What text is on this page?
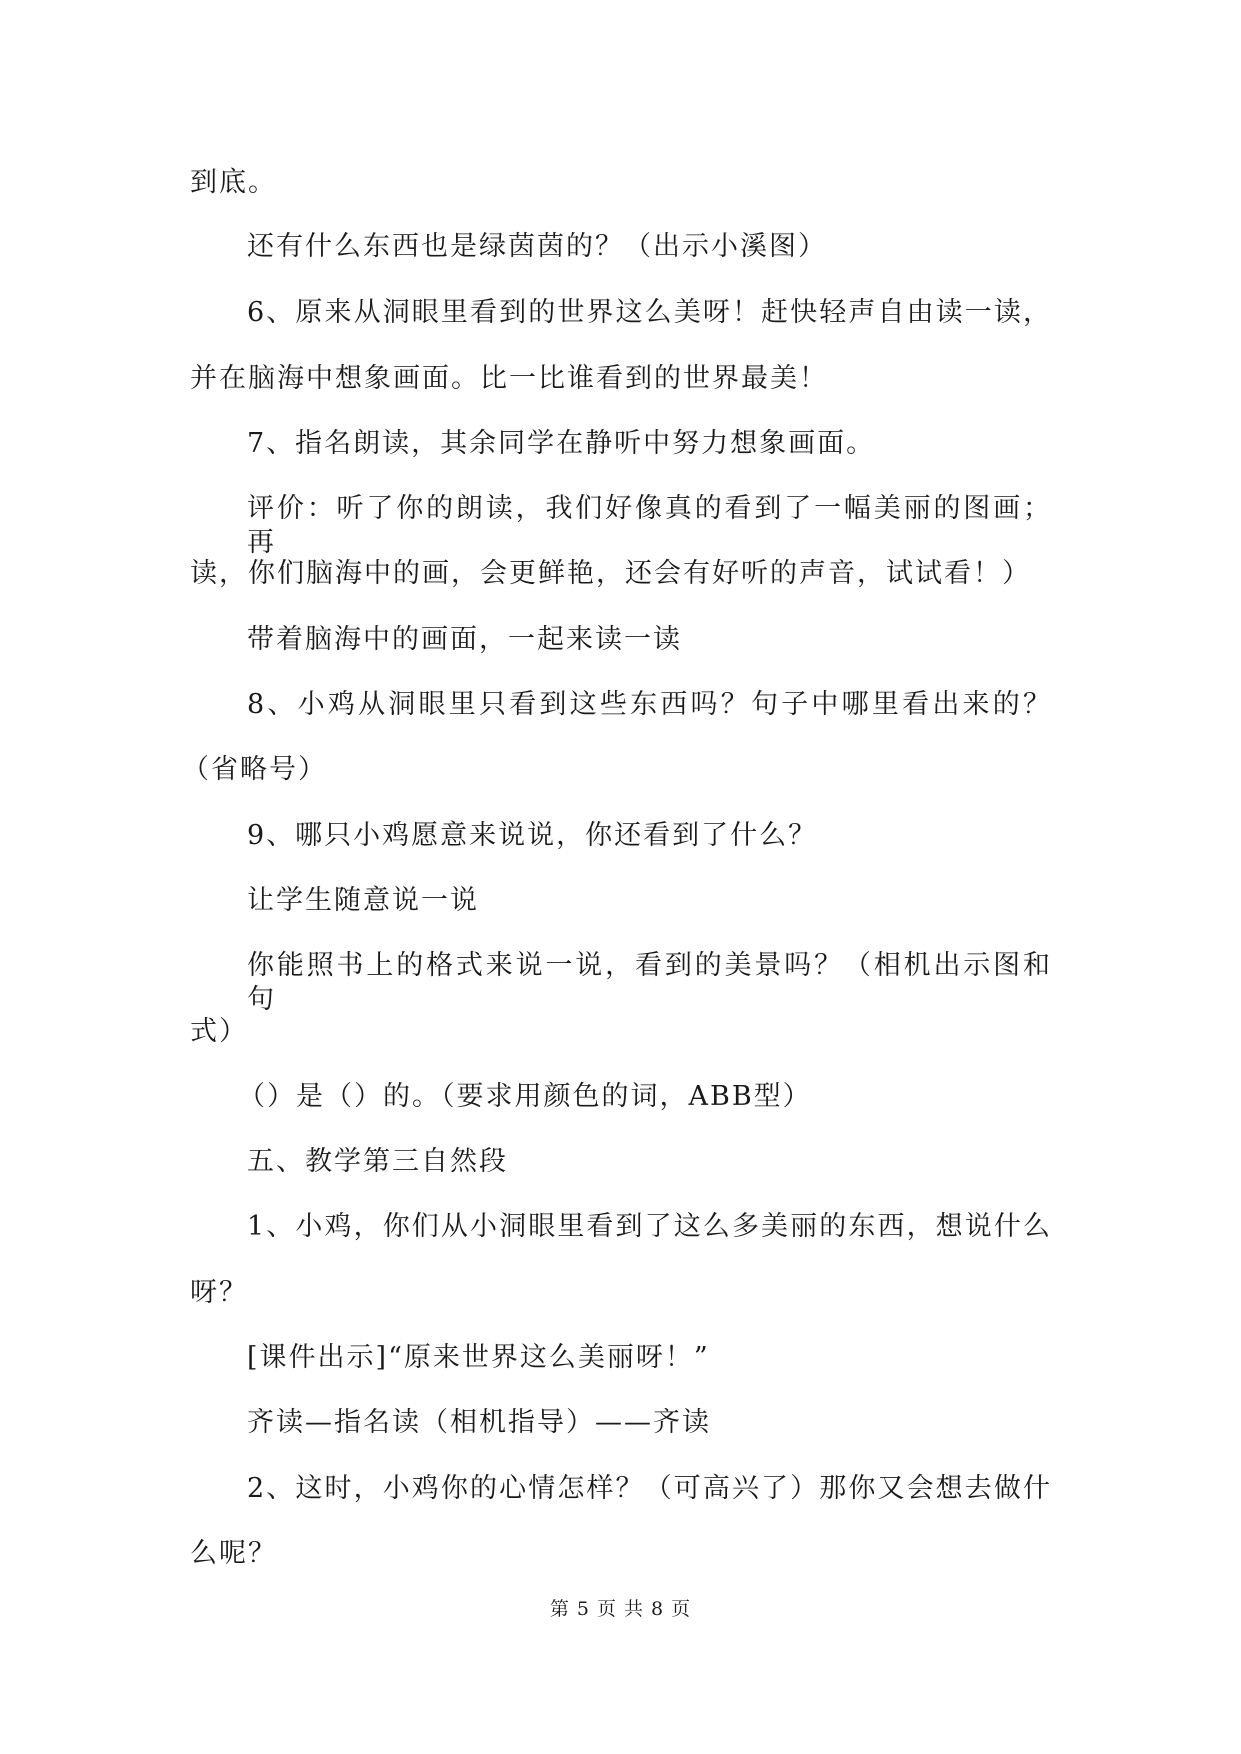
到底。
还有什么东西也是绿茵茵的？（出示小溪图）
6、原来从洞眼里看到的世界这么美呀！赶快轻声自由读一读，
并在脑海中想象画面。比一比谁看到的世界最美！
7、指名朗读，其余同学在静听中努力想象画面。
评价：听了你的朗读，我们好像真的看到了一幅美丽的图画；再
读，你们脑海中的画，会更鲜艳，还会有好听的声音，试试看！）
带着脑海中的画面，一起来读一读
8、小鸡从洞眼里只看到这些东西吗？句子中哪里看出来的？
（省略号）
9、哪只小鸡愿意来说说，你还看到了什么？
让学生随意说一说
你能照书上的格式来说一说，看到的美景吗？（相机出示图和句
式）
（）是（）的。（要求用颜色的词，ABB型）
五、教学第三自然段
1、小鸡，你们从小洞眼里看到了这么多美丽的东西，想说什么
呀？
[课件出示]“原来世界这么美丽呀！”
齐读—指名读（相机指导）——齐读
2、这时，小鸡你的心情怎样？（可高兴了）那你又会想去做什
么呢？
第 5 页 共 8 页
